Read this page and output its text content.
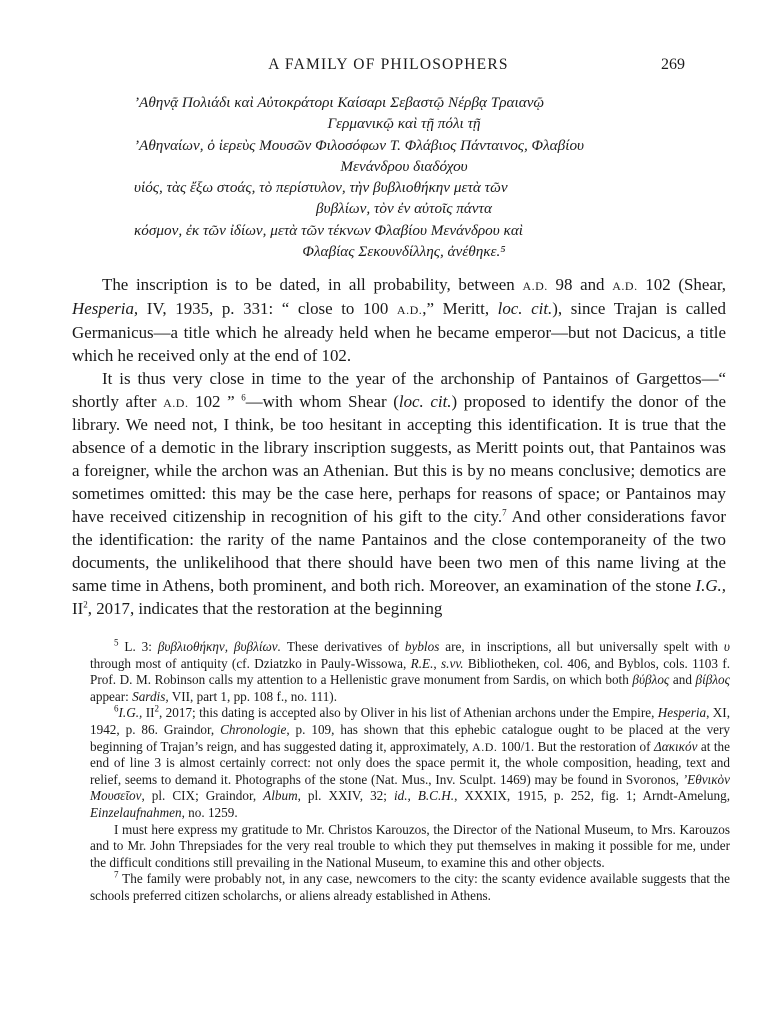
A FAMILY OF PHILOSOPHERS	269
’Αθηνᾷ Πολιάδι καὶ Αὐτοκράτορι Καίσαρι Σεβαστῷ Νέρβᾳ Τραιανῷ
Γερμανικῷ καὶ τῇ πόλι τῇ
’Αθηναίων, ὁ ἱερεὺς Μουσῶν Φιλοσόφων Τ. Φλάβιος Πάνταινος, Φλαβίου
Μενάνδρου διαδόχου
υἱός, τὰς ἔξω στοάς, τὸ περίστυλον, τὴν βυβλιοθήκην μετὰ τῶν
βυβλίων, τὸν ἐν αὐτοῖς πάντα
κόσμον, ἐκ τῶν ἰδίων, μετὰ τῶν τέκνων Φλαβίου Μενάνδρου καὶ
Φλαβίας Σεκουνδίλλης, ἀνέθηκε.⁵

The inscription is to be dated, in all probability, between A.D. 98 and A.D. 102 (Shear, Hesperia, IV, 1935, p. 331: “ close to 100 A.D.,” Meritt, loc. cit.), since Trajan is called Germanicus—a title which he already held when he became emperor—but not Dacicus, a title which he received only at the end of 102.

It is thus very close in time to the year of the archonship of Pantainos of Gargettos—“ shortly after A.D. 102 ” $^6$—with whom Shear (loc. cit.) proposed to identify the donor of the library. We need not, I think, be too hesitant in accepting this identification. It is true that the absence of a demotic in the library inscription suggests, as Meritt points out, that Pantainos was a foreigner, while the archon was an Athenian. But this is by no means conclusive; demotics are sometimes omitted: this may be the case here, perhaps for reasons of space; or Pantainos may have received citizenship in recognition of his gift to the city.$^7$ And other considerations favor the identification: the rarity of the name Pantainos and the close contemporaneity of the two documents, the unlikelihood that there should have been two men of this name living at the same time in Athens, both prominent, and both rich. Moreover, an examination of the stone I.G., $II^2$, 2017, indicates that the restoration at the beginning

$^5$ L. 3: βυβλιοθήκην, βυβλίων. These derivatives of byblos are, in inscriptions, all but universally spelt with υ through most of antiquity (cf. Dziatzko in Pauly-Wissowa, R.E., s.vv. Bibliotheken, col. 406, and Byblos, cols. 1103 f. Prof. D. M. Robinson calls my attention to a Hellenistic grave monument from Sardis, on which both βύβλος and βίβλος appear: Sardis, VII, part 1, pp. 108 f., no. 111).

$^6$I.G., $II^2$, 2017; this dating is accepted also by Oliver in his list of Athenian archons under the Empire, Hesperia, XI, 1942, p. 86. Graindor, Chronologie, p. 109, has shown that this ephebic catalogue ought to be placed at the very beginning of Trajan’s reign, and has suggested dating it, approximately, A.D. 100/1. But the restoration of Δακικόν at the end of line 3 is almost certainly correct: not only does the space permit it, the whole composition, heading, text and relief, seems to demand it. Photographs of the stone (Nat. Mus., Inv. Sculpt. 1469) may be found in Svoronos, ’Εθνικὸν Μουσεῖον, pl. CIX; Graindor, Album, pl. XXIV, 32; id., B.C.H., XXXIX, 1915, p. 252, fig. 1; Arndt-Amelung, Einzelaufnahmen, no. 1259.

I must here express my gratitude to Mr. Christos Karouzos, the Director of the National Museum, to Mrs. Karouzos and to Mr. John Threpsiades for the very real trouble to which they put themselves in making it possible for me, under the difficult conditions still prevailing in the National Museum, to examine this and other objects.

$^7$ The family were probably not, in any case, newcomers to the city: the scanty evidence available suggests that the schools preferred citizen scholarchs, or aliens already established in Athens.
